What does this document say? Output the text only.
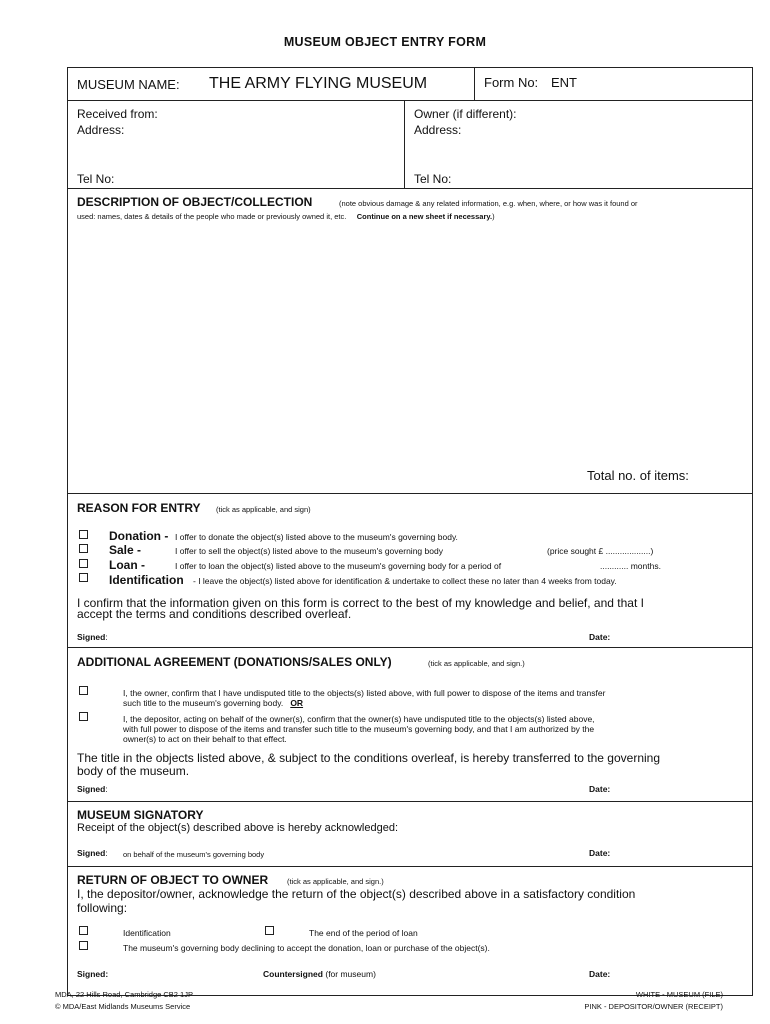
MUSEUM OBJECT ENTRY FORM
MUSEUM NAME: THE ARMY FLYING MUSEUM	Form No: ENT
Received from:
Address:
Tel No:
Owner (if different):
Address:
Tel No:
DESCRIPTION OF OBJECT/COLLECTION	(note obvious damage & any related information, e.g. when, where, or how was it found or
used: names, dates & details of the people who made or previously owned it, etc. Continue on a new sheet if necessary.)
Total no. of items:
REASON FOR ENTRY (tick as applicable, and sign)
Donation - I offer to donate the object(s) listed above to the museum's governing body.
Sale -	I offer to sell the object(s) listed above to the museum's governing body	(price sought £ ...................)
Loan -	I offer to loan the object(s) listed above to the museum's governing body for a period of	............ months.
Identification - I leave the object(s) listed above for identification & undertake to collect these no later than 4 weeks from today.
I confirm that the information given on this form is correct to the best of my knowledge and belief, and that I
accept the terms and conditions described overleaf.
Signed:	Date:
ADDITIONAL AGREEMENT (DONATIONS/SALES ONLY)	(tick as applicable, and sign.)
I, the owner, confirm that I have undisputed title to the objects(s) listed above, with full power to dispose of the items and transfer
such title to the museum's governing body. OR
I, the depositor, acting on behalf of the owner(s), confirm that the owner(s) have undisputed title to the objects(s) listed above,
with full power to dispose of the items and transfer such title to the museum's governing body, and that I am authorized by the
owner(s) to act on their behalf to that effect.
The title in the objects listed above, & subject to the conditions overleaf, is hereby transferred to the governing
body of the museum.
Signed:	Date:
MUSEUM SIGNATORY
Receipt of the object(s) described above is hereby acknowledged:
Signed: on behalf of the museum's governing body	Date:
RETURN OF OBJECT TO OWNER	(tick as applicable, and sign.)
I, the depositor/owner, acknowledge the return of the object(s) described above in a satisfactory condition
following:
Identification	The end of the period of loan
The museum's governing body declining to accept the donation, loan or purchase of the object(s).
Signed:	Countersigned (for museum)	Date:
MDA, 22 Hills Road, Cambridge CB2 1JP
© MDA/East Midlands Museums Service
WHITE - MUSEUM (FILE)
PINK - DEPOSITOR/OWNER (RECEIPT)
